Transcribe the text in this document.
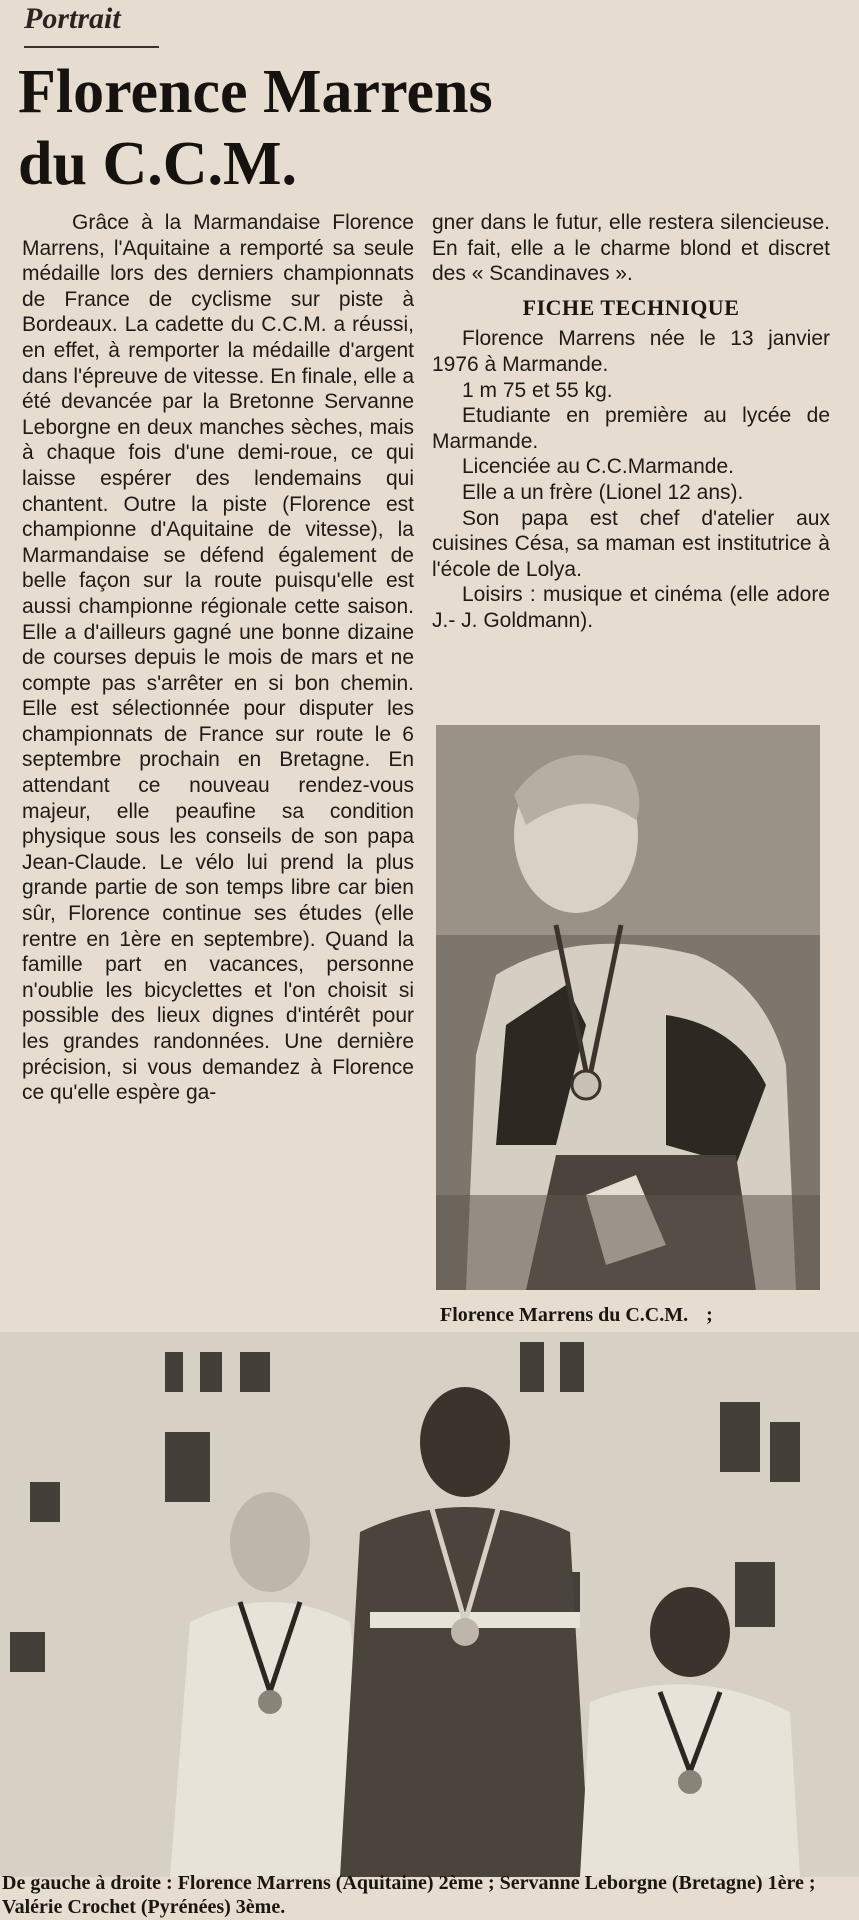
Portrait
Florence Marrens
du C.C.M.

Grâce à la Marmandaise Florence Marrens, l'Aquitaine a remporté sa seule médaille lors des derniers championnats de France de cyclisme sur piste à Bordeaux. La cadette du C.C.M. a réussi, en effet, à remporter la médaille d'argent dans l'épreuve de vitesse. En finale, elle a été devancée par la Bretonne Servanne Leborgne en deux manches sèches, mais à chaque fois d'une demi-roue, ce qui laisse espérer des lendemains qui chantent. Outre la piste (Florence est championne d'Aquitaine de vitesse), la Marmandaise se défend également de belle façon sur la route puisqu'elle est aussi championne régionale cette saison. Elle a d'ailleurs gagné une bonne dizaine de courses depuis le mois de mars et ne compte pas s'arrêter en si bon chemin. Elle est sélectionnée pour disputer les championnats de France sur route le 6 septembre prochain en Bretagne. En attendant ce nouveau rendez-vous majeur, elle peaufine sa condition physique sous les conseils de son papa Jean-Claude. Le vélo lui prend la plus grande partie de son temps libre car bien sûr, Florence continue ses études (elle rentre en 1ère en septembre). Quand la famille part en vacances, personne n'oublie les bicyclettes et l'on choisit si possible des lieux dignes d'intérêt pour les grandes randonnées. Une dernière précision, si vous demandez à Florence ce qu'elle espère ga-

gner dans le futur, elle restera silencieuse. En fait, elle a le charme blond et discret des « Scandinaves ».

FICHE TECHNIQUE

Florence Marrens née le 13 janvier 1976 à Marmande.

1 m 75 et 55 kg.

Etudiante en première au lycée de Marmande.

Licenciée au C.C.Marmande.

Elle a un frère (Lionel 12 ans).

Son papa est chef d'atelier aux cuisines Césa, sa maman est institutrice à l'école de Lolya.

Loisirs : musique et cinéma (elle adore J.- J. Goldmann).

Florence Marrens du C.C.M. ;
De gauche à droite : Florence Marrens (Aquitaine) 2ème ; Servanne Leborgne (Bretagne) 1ère ; Valérie Crochet (Pyrénées) 3ème.
